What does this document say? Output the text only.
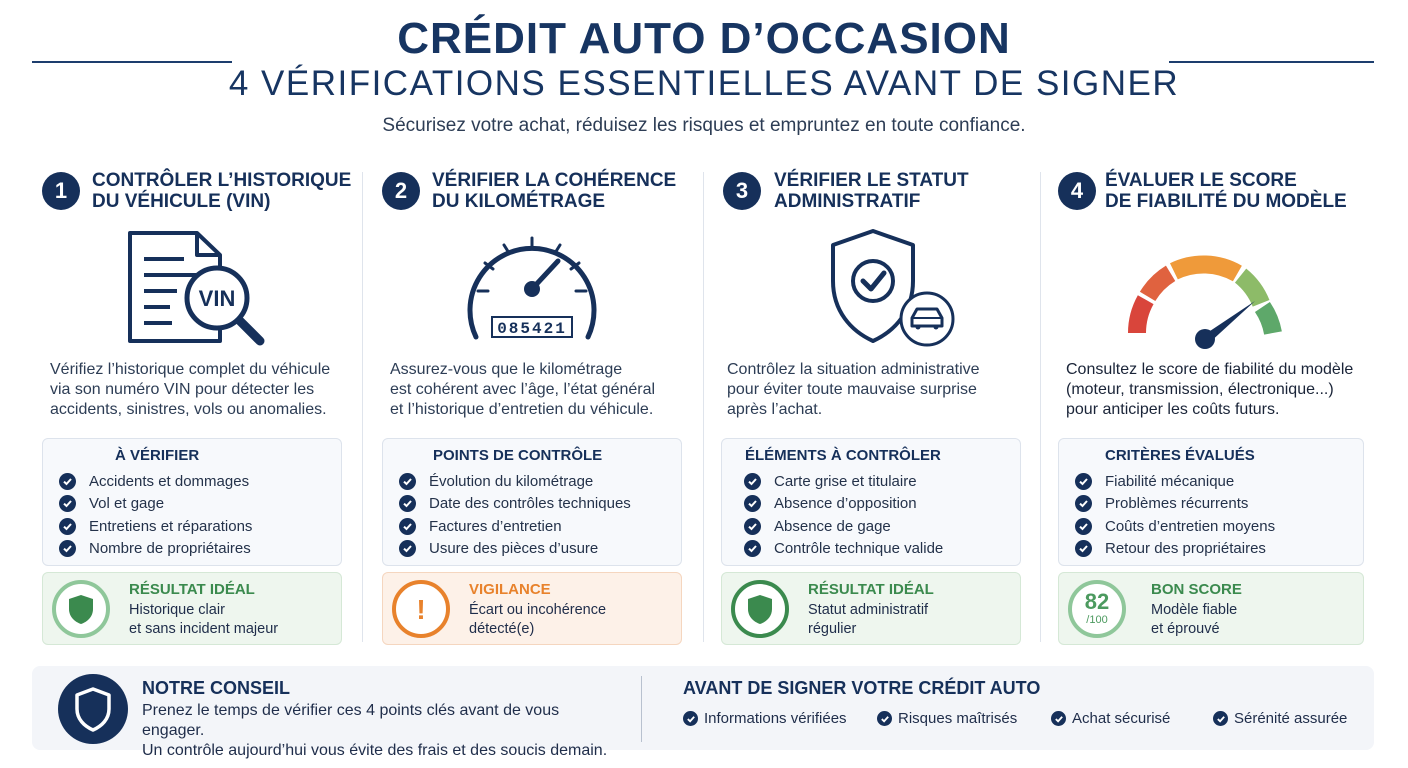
CRÉDIT AUTO D’OCCASION
4 VÉRIFICATIONS ESSENTIELLES AVANT DE SIGNER
Sécurisez votre achat, réduisez les risques et empruntez en toute confiance.
1	CONTRÔLER L’HISTORIQUE
DU VÉHICULE (VIN)
VIN
Vérifiez l’historique complet du véhicule
via son numéro VIN pour détecter les
accidents, sinistres, vols ou anomalies.
À VÉRIFIER
Accidents et dommages
Vol et gage
Entretiens et réparations
Nombre de propriétaires
RÉSULTAT IDÉAL
Historique clair
et sans incident majeur
2	VÉRIFIER LA COHÉRENCE
DU KILOMÉTRAGE
085421
Assurez-vous que le kilométrage
est cohérent avec l’âge, l’état général
et l’historique d’entretien du véhicule.
POINTS DE CONTRÔLE
Évolution du kilométrage
Date des contrôles techniques
Factures d’entretien
Usure des pièces d’usure
!
VIGILANCE
Écart ou incohérence
détecté(e)
3	VÉRIFIER LE STATUT
ADMINISTRATIF
Contrôlez la situation administrative
pour éviter toute mauvaise surprise
après l’achat.
ÉLÉMENTS À CONTRÔLER
Carte grise et titulaire
Absence d’opposition
Absence de gage
Contrôle technique valide
RÉSULTAT IDÉAL
Statut administratif
régulier
4	ÉVALUER LE SCORE
DE FIABILITÉ DU MODÈLE
Consultez le score de fiabilité du modèle
(moteur, transmission, électronique...)
pour anticiper les coûts futurs.
CRITÈRES ÉVALUÉS
Fiabilité mécanique
Problèmes récurrents
Coûts d’entretien moyens
Retour des propriétaires
82
/100
BON SCORE
Modèle fiable
et éprouvé
NOTRE CONSEIL
Prenez le temps de vérifier ces 4 points clés avant de vous engager.
Un contrôle aujourd’hui vous évite des frais et des soucis demain.
AVANT DE SIGNER VOTRE CRÉDIT AUTO
Informations vérifiées	Risques maîtrisés	Achat sécurisé	Sérénité assurée
